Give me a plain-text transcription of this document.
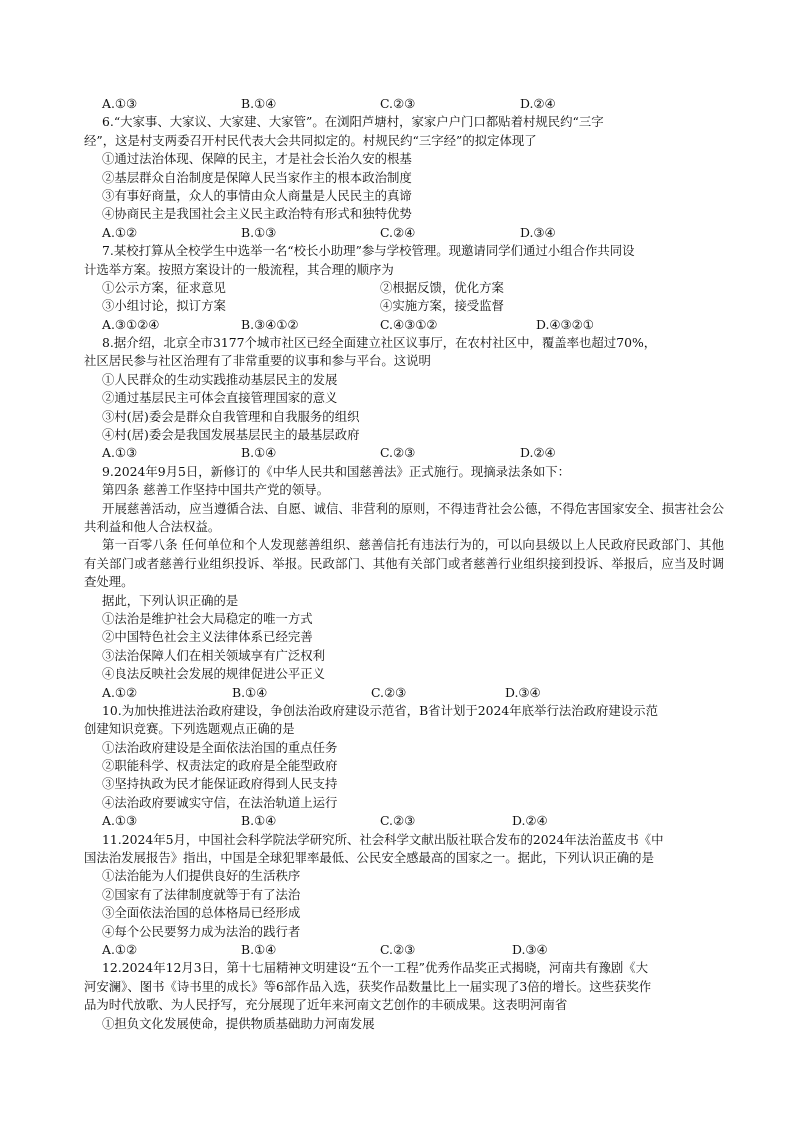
A.①③	B.①④	C.②③	D.②④
6.“大家事、大家议、大家建、大家管”。在浏阳芦塘村，家家户户门口都贴着村规民约“三字
经”，这是村支两委召开村民代表大会共同拟定的。村规民约“三字经”的拟定体现了
①通过法治体现、保障的民主，才是社会长治久安的根基
②基层群众自治制度是保障人民当家作主的根本政治制度
③有事好商量，众人的事情由众人商量是人民民主的真谛
④协商民主是我国社会主义民主政治特有形式和独特优势
A.①②	B.①③	C.②④	D.③④
7.某校打算从全校学生中选举一名“校长小助理”参与学校管理。现邀请同学们通过小组合作共同设
计选举方案。按照方案设计的一般流程，其合理的顺序为
①公示方案，征求意见	②根据反馈，优化方案
③小组讨论，拟订方案	④实施方案，接受监督
A.③①②④	B.③④①②	C.④③①②	D.④③②①
8.据介绍，北京全市3177个城市社区已经全面建立社区议事厅，在农村社区中，覆盖率也超过70%，
社区居民参与社区治理有了非常重要的议事和参与平台。这说明
①人民群众的生动实践推动基层民主的发展
②通过基层民主可体会直接管理国家的意义
③村(居)委会是群众自我管理和自我服务的组织
④村(居)委会是我国发展基层民主的最基层政府
A.①③	B.①④	C.②③	D.②④
9.2024年9月5日，新修订的《中华人民共和国慈善法》正式施行。现摘录法条如下：
第四条 慈善工作坚持中国共产党的领导。
开展慈善活动，应当遵循合法、自愿、诚信、非营利的原则，不得违背社会公德，不得危害国家安全、损害社会公共利益和他人合法权益。
第一百零八条 任何单位和个人发现慈善组织、慈善信托有违法行为的，可以向县级以上人民政府民政部门、其他有关部门或者慈善行业组织投诉、举报。民政部门、其他有关部门或者慈善行业组织接到投诉、举报后，应当及时调查处理。
据此，下列认识正确的是
①法治是维护社会大局稳定的唯一方式
②中国特色社会主义法律体系已经完善
③法治保障人们在相关领域享有广泛权利
④良法反映社会发展的规律促进公平正义
A.①②	B.①④	C.②③	D.③④
10.为加快推进法治政府建设，争创法治政府建设示范省，B省计划于2024年底举行法治政府建设示范
创建知识竞赛。下列选题观点正确的是
①法治政府建设是全面依法治国的重点任务
②职能科学、权责法定的政府是全能型政府
③坚持执政为民才能保证政府得到人民支持
④法治政府要诚实守信，在法治轨道上运行
A.①③	B.①④	C.②③	D.②④
11.2024年5月，中国社会科学院法学研究所、社会科学文献出版社联合发布的2024年法治蓝皮书《中
国法治发展报告》指出，中国是全球犯罪率最低、公民安全感最高的国家之一。据此，下列认识正确的是
①法治能为人们提供良好的生活秩序
②国家有了法律制度就等于有了法治
③全面依法治国的总体格局已经形成
④每个公民要努力成为法治的践行者
A.①②	B.①④	C.②③	D.③④
12.2024年12月3日，第十七届精神文明建设“五个一工程”优秀作品奖正式揭晓，河南共有豫剧《大
河安澜》、图书《诗书里的成长》等6部作品入选，获奖作品数量比上一届实现了3倍的增长。这些获奖作
品为时代放歌、为人民抒写，充分展现了近年来河南文艺创作的丰硕成果。这表明河南省
①担负文化发展使命，提供物质基础助力河南发展
